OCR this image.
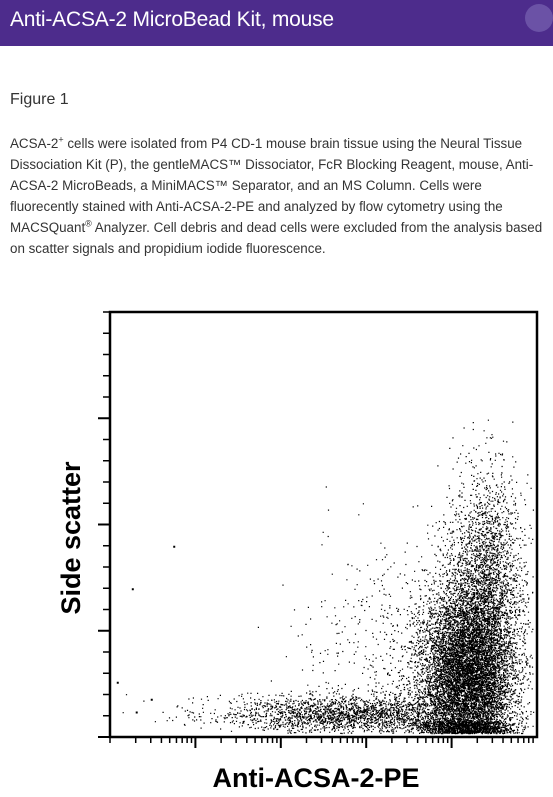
Anti-ACSA-2 MicroBead Kit, mouse
Figure 1
ACSA-2+ cells were isolated from P4 CD-1 mouse brain tissue using the Neural Tissue Dissociation Kit (P), the gentleMACS™ Dissociator, FcR Blocking Reagent, mouse, Anti-ACSA-2 MicroBeads, a MiniMACS™ Separator, and an MS Column. Cells were fluorecently stained with Anti-ACSA-2-PE and analyzed by flow cytometry using the MACSQuant® Analyzer. Cell debris and dead cells were excluded from the analysis based on scatter signals and propidium iodide fluorescence.
Anti-ACSA-2-PE
Side scatter
